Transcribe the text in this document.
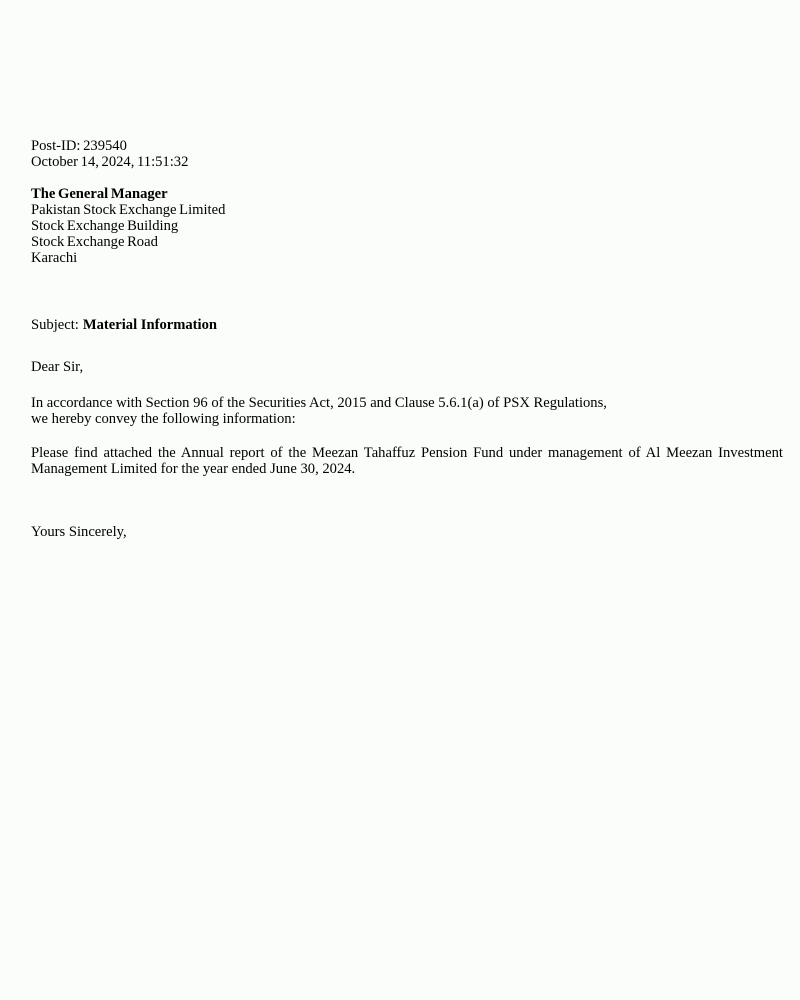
Post-ID: 239540
October 14, 2024, 11:51:32
The General Manager
Pakistan Stock Exchange Limited
Stock Exchange Building
Stock Exchange Road
Karachi
Subject: Material Information
Dear Sir,
In accordance with Section 96 of the Securities Act, 2015 and Clause 5.6.1(a) of PSX Regulations,
we hereby convey the following information:
Please find attached the Annual report of the Meezan Tahaffuz Pension Fund under management of Al Meezan Investment
Management Limited for the year ended June 30, 2024.
Yours Sincerely,
